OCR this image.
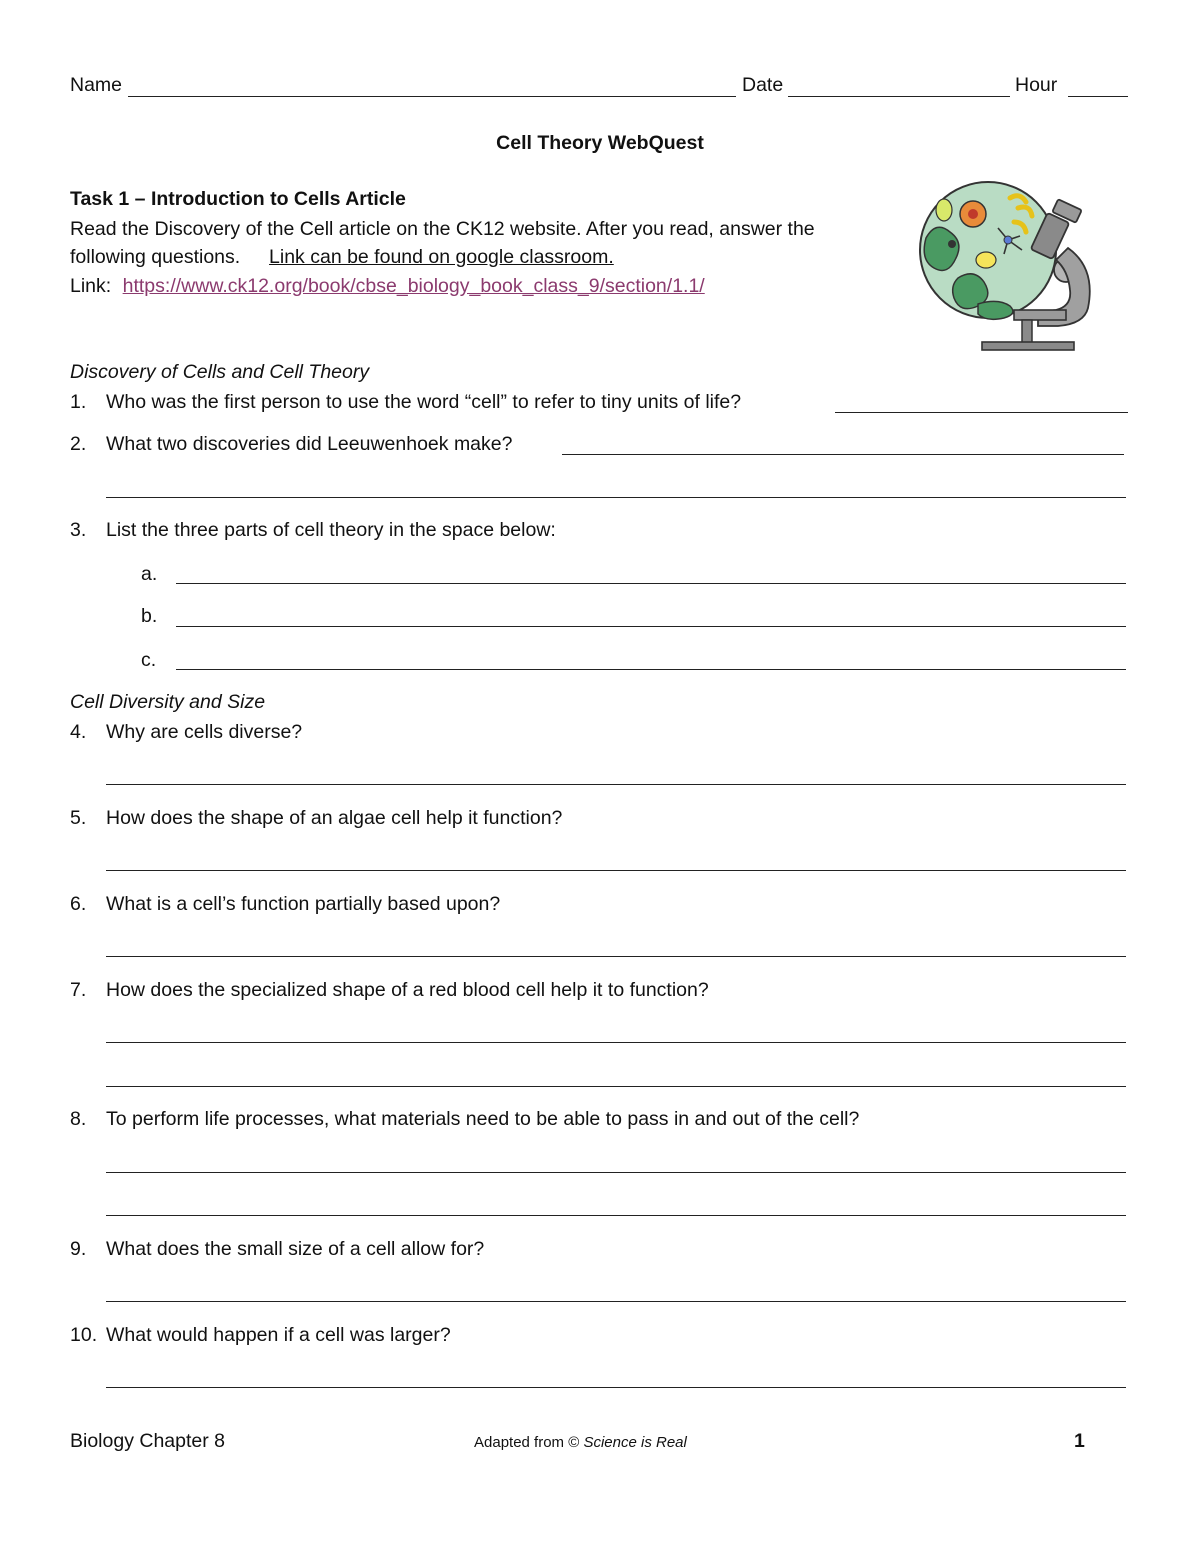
Name	Date	Hour
Cell Theory WebQuest
Task 1 – Introduction to Cells Article
Read the Discovery of the Cell article on the CK12 website. After you read, answer the
following questions. Link can be found on google classroom.
Link: https://www.ck12.org/book/cbse_biology_book_class_9/section/1.1/
Discovery of Cells and Cell Theory
1. Who was the first person to use the word “cell” to refer to tiny units of life?
2. What two discoveries did Leeuwenhoek make?
3. List the three parts of cell theory in the space below:
a.
b.
c.
Cell Diversity and Size
4. Why are cells diverse?
5. How does the shape of an algae cell help it function?
6. What is a cell’s function partially based upon?
7. How does the specialized shape of a red blood cell help it to function?
8. To perform life processes, what materials need to be able to pass in and out of the cell?
9. What does the small size of a cell allow for?
10. What would happen if a cell was larger?
Biology Chapter 8	Adapted from © Science is Real	1
